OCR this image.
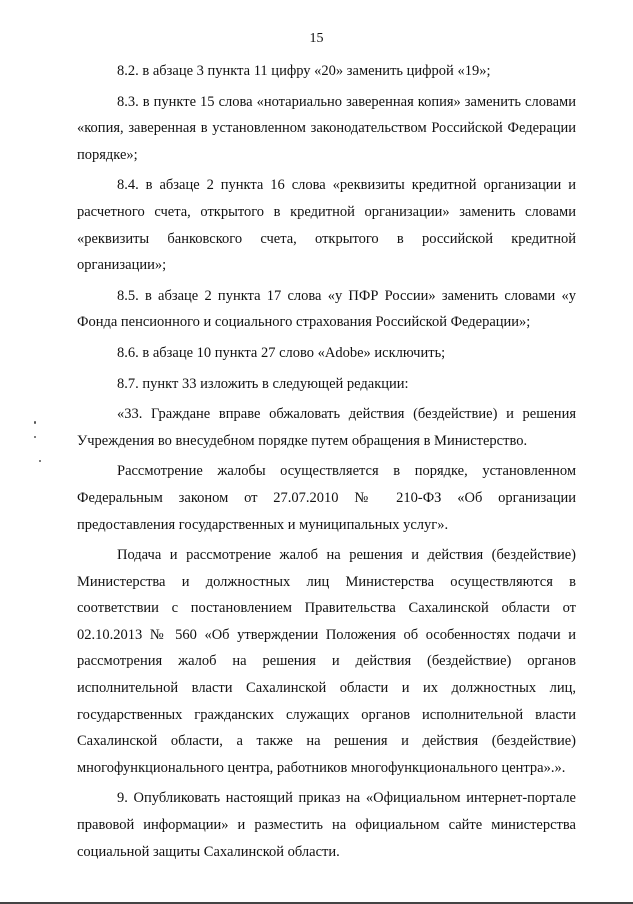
15

8.2. в абзаце 3 пункта 11 цифру «20» заменить цифрой «19»;

8.3. в пункте 15 слова «нотариально заверенная копия» заменить словами «копия, заверенная в установленном законодательством Российской Федерации порядке»;

8.4. в абзаце 2 пункта 16 слова «реквизиты кредитной организации и расчетного счета, открытого в кредитной организации» заменить словами «реквизиты банковского счета, открытого в российской кредитной организации»;

8.5. в абзаце 2 пункта 17 слова «у ПФР России» заменить словами «у Фонда пенсионного и социального страхования Российской Федерации»;

8.6. в абзаце 10 пункта 27 слово «Adobe» исключить;

8.7. пункт 33 изложить в следующей редакции:

«33. Граждане вправе обжаловать действия (бездействие) и решения Учреждения во внесудебном порядке путем обращения в Министерство.

Рассмотрение жалобы осуществляется в порядке, установленном Федеральным законом от 27.07.2010 № 210-ФЗ «Об организации предоставления государственных и муниципальных услуг».

Подача и рассмотрение жалоб на решения и действия (бездействие) Министерства и должностных лиц Министерства осуществляются в соответствии с постановлением Правительства Сахалинской области от 02.10.2013 № 560 «Об утверждении Положения об особенностях подачи и рассмотрения жалоб на решения и действия (бездействие) органов исполнительной власти Сахалинской области и их должностных лиц, государственных гражданских служащих органов исполнительной власти Сахалинской области, а также на решения и действия (бездействие) многофункционального центра, работников многофункционального центра».».

9. Опубликовать настоящий приказ на «Официальном интернет-портале правовой информации» и разместить на официальном сайте министерства социальной защиты Сахалинской области.
